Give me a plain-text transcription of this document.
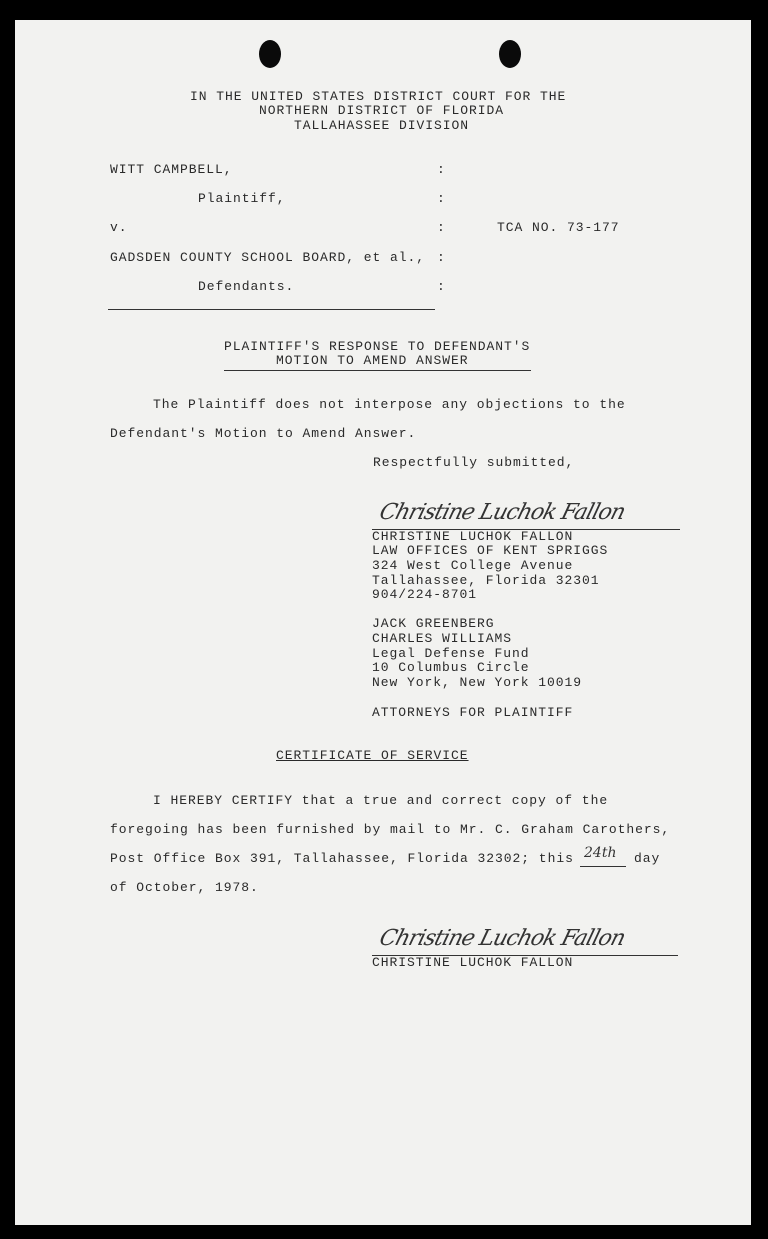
IN THE UNITED STATES DISTRICT COURT FOR THE
NORTHERN DISTRICT OF FLORIDA
TALLAHASSEE DIVISION
WITT CAMPBELL,	:
Plaintiff,	:
v.	:	TCA NO. 73-177
GADSDEN COUNTY SCHOOL BOARD, et al., :
Defendants.	:
PLAINTIFF'S RESPONSE TO DEFENDANT'S
MOTION TO AMEND ANSWER
The Plaintiff does not interpose any objections to the
Defendant's Motion to Amend Answer.
Respectfully submitted,
Christine Luchok Fallon
CHRISTINE LUCHOK FALLON
LAW OFFICES OF KENT SPRIGGS
324 West College Avenue
Tallahassee, Florida 32301
904/224-8701
JACK GREENBERG
CHARLES WILLIAMS
Legal Defense Fund
10 Columbus Circle
New York, New York 10019
ATTORNEYS FOR PLAINTIFF
CERTIFICATE OF SERVICE
I HEREBY CERTIFY that a true and correct copy of the
foregoing has been furnished by mail to Mr. C. Graham Carothers,
Post Office Box 391, Tallahassee, Florida 32302; this 24th day
of October, 1978.
Christine Luchok Fallon
CHRISTINE LUCHOK FALLON
